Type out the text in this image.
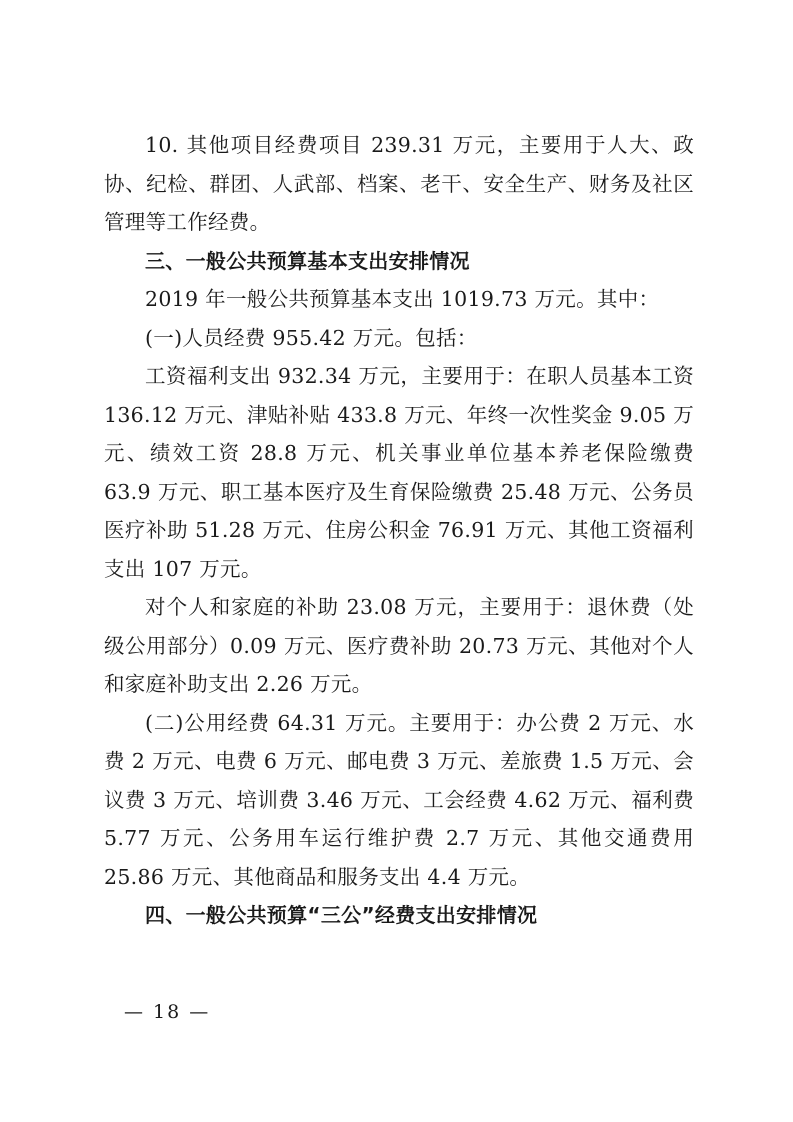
10. 其他项目经费项目 239.31 万元，主要用于人大、政协、纪检、群团、人武部、档案、老干、安全生产、财务及社区管理等工作经费。

三、一般公共预算基本支出安排情况

2019 年一般公共预算基本支出 1019.73 万元。其中：

(一)人员经费 955.42 万元。包括：

工资福利支出 932.34 万元，主要用于：在职人员基本工资 136.12 万元、津贴补贴 433.8 万元、年终一次性奖金 9.05 万元、绩效工资 28.8 万元、机关事业单位基本养老保险缴费 63.9 万元、职工基本医疗及生育保险缴费 25.48 万元、公务员医疗补助 51.28 万元、住房公积金 76.91 万元、其他工资福利支出 107 万元。

对个人和家庭的补助 23.08 万元，主要用于：退休费（处级公用部分）0.09 万元、医疗费补助 20.73 万元、其他对个人和家庭补助支出 2.26 万元。

(二)公用经费 64.31 万元。主要用于：办公费 2 万元、水费 2 万元、电费 6 万元、邮电费 3 万元、差旅费 1.5 万元、会议费 3 万元、培训费 3.46 万元、工会经费 4.62 万元、福利费 5.77 万元、公务用车运行维护费 2.7 万元、其他交通费用 25.86 万元、其他商品和服务支出 4.4 万元。

四、一般公共预算“三公”经费支出安排情况

— 18 —
